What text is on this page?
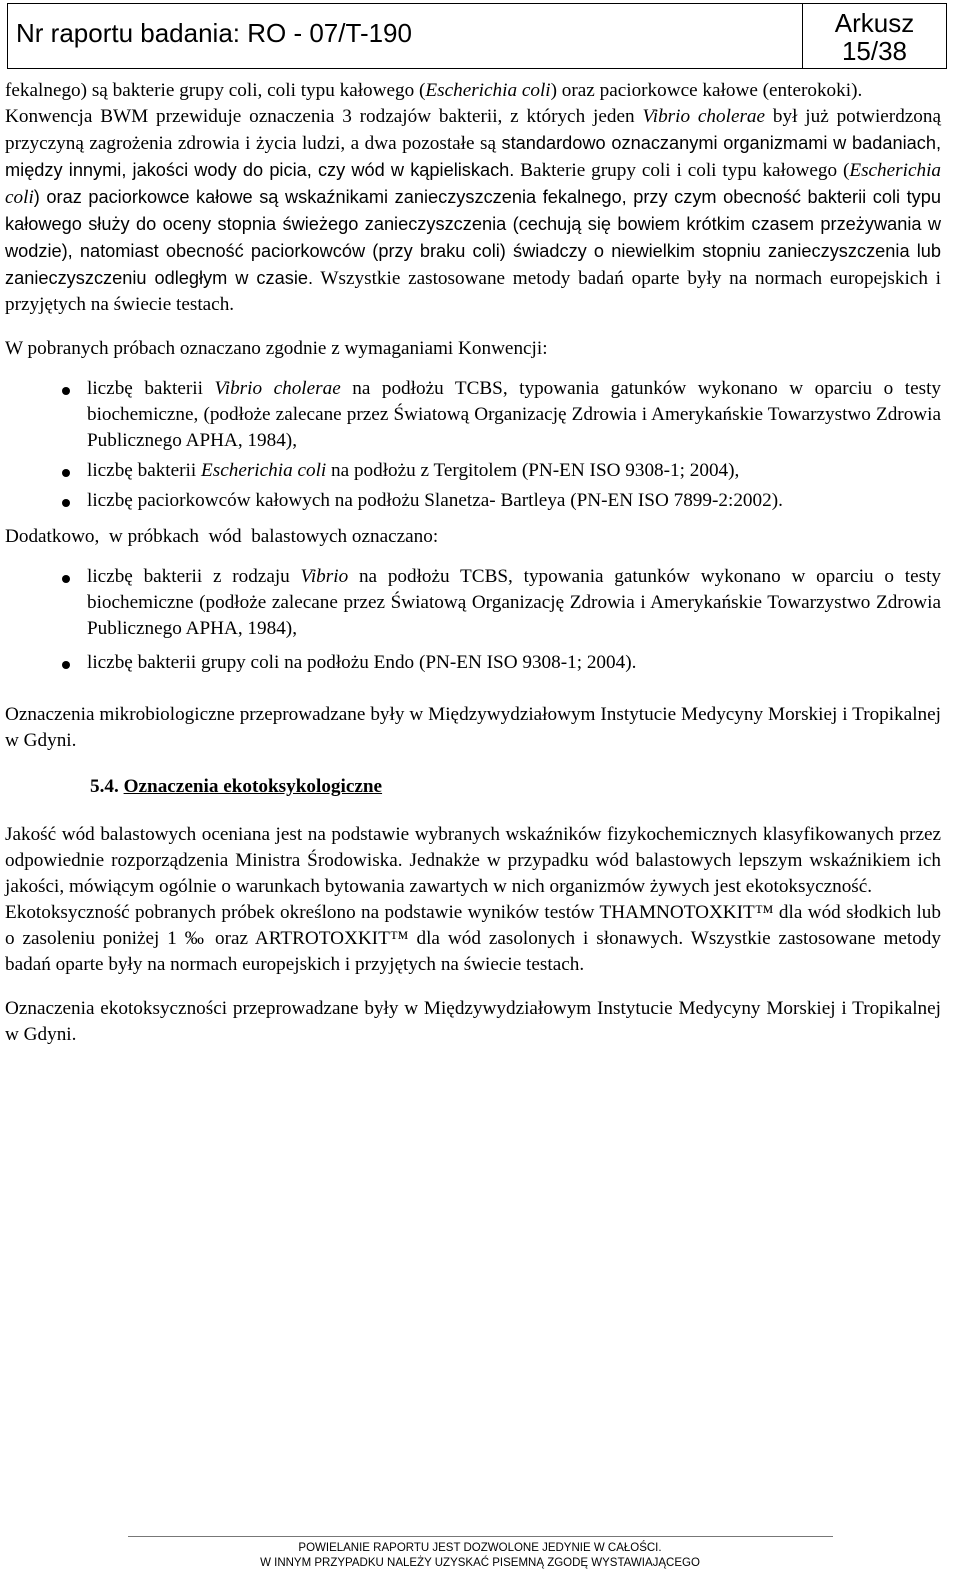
Nr raportu badania: RO - 07/T-190	Arkusz
15/38

fekalnego) są bakterie grupy coli, coli typu kałowego (Escherichia coli) oraz paciorkowce kałowe (enterokoki).

Konwencja BWM przewiduje oznaczenia 3 rodzajów bakterii, z których jeden Vibrio cholerae był już potwierdzoną przyczyną zagrożenia zdrowia i życia ludzi, a dwa pozostałe są standardowo oznaczanymi organizmami w badaniach, między innymi, jakości wody do picia, czy wód w kąpieliskach. Bakterie grupy coli i coli typu kałowego (Escherichia coli) oraz paciorkowce kałowe są wskaźnikami zanieczyszczenia fekalnego, przy czym obecność bakterii coli typu kałowego służy do oceny stopnia świeżego zanieczyszczenia (cechują się bowiem krótkim czasem przeżywania w wodzie), natomiast obecność paciorkowców (przy braku coli) świadczy o niewielkim stopniu zanieczyszczenia lub zanieczyszczeniu odległym w czasie. Wszystkie zastosowane metody badań oparte były na normach europejskich i przyjętych na świecie testach.

W pobranych próbach oznaczano zgodnie z wymaganiami Konwencji:

liczbę bakterii Vibrio cholerae na podłożu TCBS, typowania gatunków wykonano w oparciu o testy biochemiczne, (podłoże zalecane przez Światową Organizację Zdrowia i Amerykańskie Towarzystwo Zdrowia Publicznego APHA, 1984),
liczbę bakterii Escherichia coli na podłożu z Tergitolem (PN-EN ISO 9308-1; 2004),
liczbę paciorkowców kałowych na podłożu Slanetza- Bartleya (PN-EN ISO 7899-2:2002).

Dodatkowo,  w próbkach  wód  balastowych oznaczano:

liczbę bakterii z rodzaju Vibrio na podłożu TCBS, typowania gatunków wykonano w oparciu o testy biochemiczne (podłoże zalecane przez Światową Organizację Zdrowia i Amerykańskie Towarzystwo Zdrowia Publicznego APHA, 1984),
liczbę bakterii grupy coli na podłożu Endo (PN-EN ISO 9308-1; 2004).

Oznaczenia mikrobiologiczne przeprowadzane były w Międzywydziałowym Instytucie Medycyny Morskiej i Tropikalnej w Gdyni.

5.4. Oznaczenia ekotoksykologiczne

Jakość wód balastowych oceniana jest na podstawie wybranych wskaźników fizykochemicznych klasyfikowanych przez odpowiednie rozporządzenia Ministra Środowiska. Jednakże w przypadku wód balastowych lepszym wskaźnikiem ich jakości, mówiącym ogólnie o warunkach bytowania zawartych w nich organizmów żywych jest ekotoksyczność.

Ekotoksyczność pobranych próbek określono na podstawie wyników testów THAMNOTOXKIT™ dla wód słodkich lub o zasoleniu poniżej 1 ‰ oraz ARTROTOXKIT™ dla wód zasolonych i słonawych. Wszystkie zastosowane metody badań oparte były na normach europejskich i przyjętych na świecie testach.

Oznaczenia ekotoksyczności przeprowadzane były w Międzywydziałowym Instytucie Medycyny Morskiej i Tropikalnej w Gdyni.

POWIELANIE RAPORTU JEST DOZWOLONE JEDYNIE W CAŁOŚCI.
W INNYM PRZYPADKU NALEŻY UZYSKAĆ PISEMNĄ ZGODĘ WYSTAWIAJĄCEGO
